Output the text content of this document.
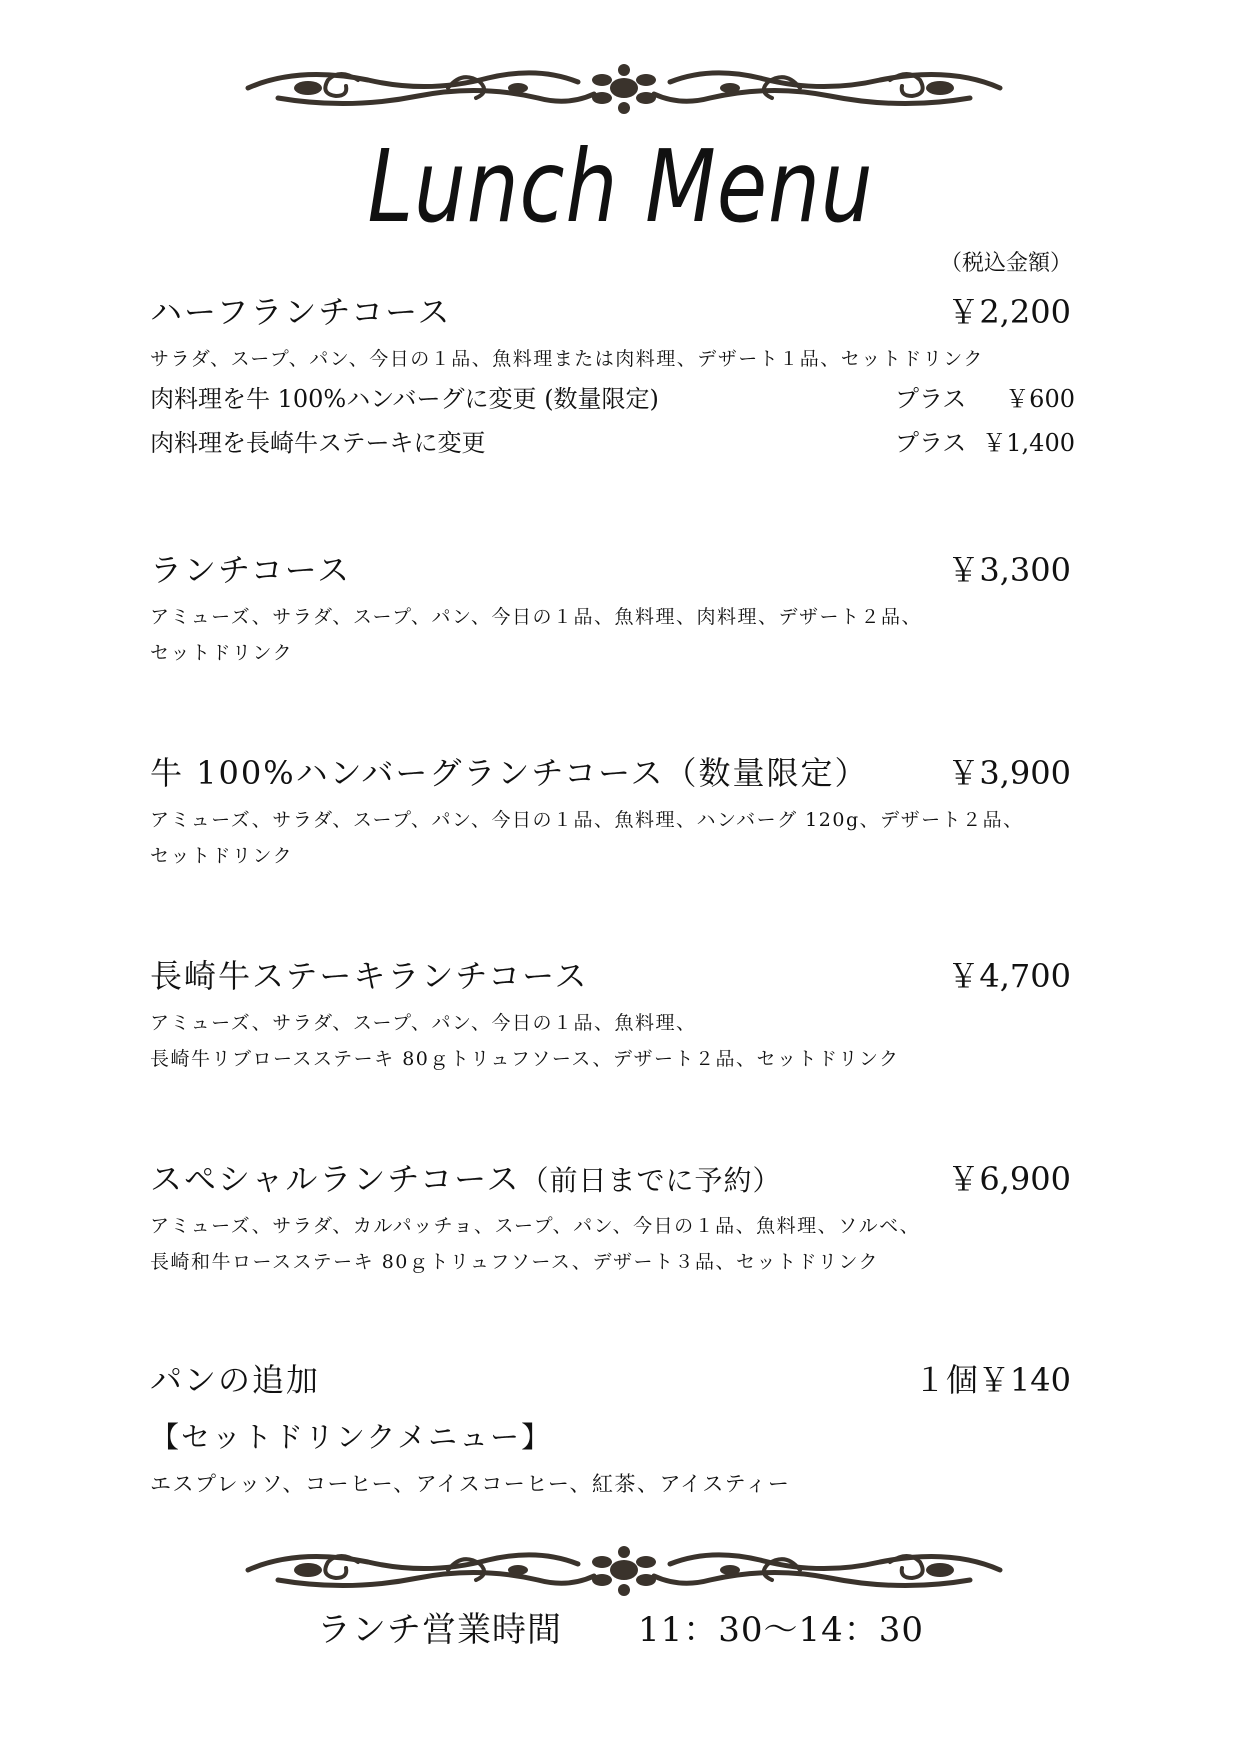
Lunch Menu
（税込金額）
ハーフランチコース	￥2,200
サラダ、スープ、パン、今日の１品、魚料理または肉料理、デザート１品、セットドリンク
肉料理を牛 100%ハンバーグに変更 (数量限定)	プラス ￥600
肉料理を長崎牛ステーキに変更	プラス ￥1,400
ランチコース	￥3,300
アミューズ、サラダ、スープ、パン、今日の１品、魚料理、肉料理、デザート２品、
セットドリンク
牛 100%ハンバーグランチコース（数量限定） ￥3,900
アミューズ、サラダ、スープ、パン、今日の１品、魚料理、ハンバーグ 120g、デザート２品、
セットドリンク
長崎牛ステーキランチコース	￥4,700
アミューズ、サラダ、スープ、パン、今日の１品、魚料理、
長崎牛リブロースステーキ 80ｇトリュフソース、デザート２品、セットドリンク
スペシャルランチコース（前日までに予約）	￥6,900
アミューズ、サラダ、カルパッチョ、スープ、パン、今日の１品、魚料理、ソルベ、
長崎和牛ロースステーキ 80ｇトリュフソース、デザート３品、セットドリンク
パンの追加	１個￥140
【セットドリンクメニュー】
エスプレッソ、コーヒー、アイスコーヒー、紅茶、アイスティー
ランチ営業時間 11：30〜14：30
